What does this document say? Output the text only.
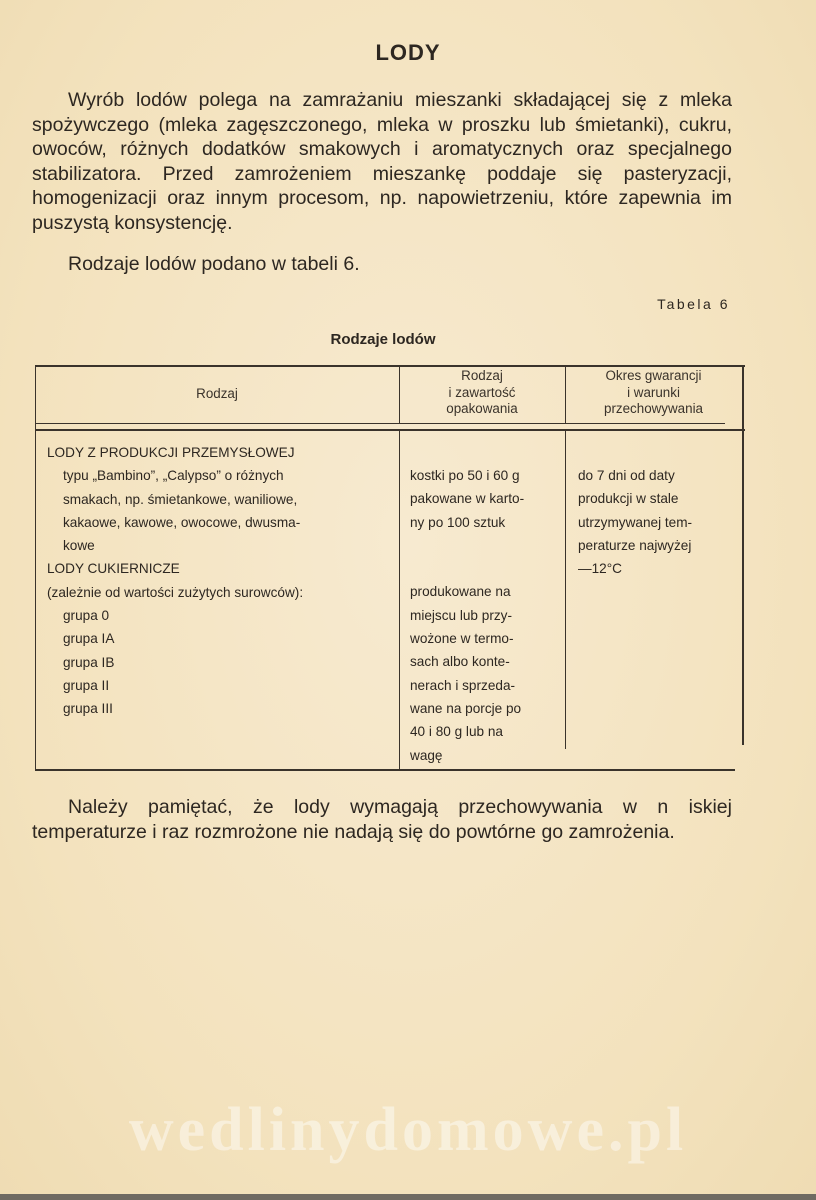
LODY

Wyrób lodów polega na zamrażaniu mieszanki składającej się z mleka spożywczego (mleka zagęszczonego, mleka w proszku lub śmietanki), cukru, owoców, różnych dodatków smakowych i aromatycznych oraz specjalnego stabilizatora. Przed zamrożeniem mieszankę poddaje się pasteryzacji, homogenizacji oraz innym procesom, np. napowietrzeniu, które zapewnia im puszystą konsystencję.

Rodzaje lodów podano w tabeli 6.

Tabela 6
Rodzaje lodów
Rodzaj
Rodzaj
i zawartość
opakowania
Okres gwarancji
i warunki
przechowywania
LODY Z PRODUKCJI PRZEMYSŁOWEJ
typu „Bambino”, „Calypso” o różnych
smakach, np. śmietankowe, waniliowe,
kakaowe, kawowe, owocowe, dwusma-
kowe
LODY CUKIERNICZE
(zależnie od wartości zużytych surowców):
grupa 0
grupa IA
grupa IB
grupa II
grupa III
kostki po 50 i 60 g
pakowane w karto-
ny po 100 sztuk
produkowane na
miejscu lub przy-
wożone w termo-
sach albo konte-
nerach i sprzeda-
wane na porcje po
40 i 80 g lub na
wagę
do 7 dni od daty
produkcji w stale
utrzymywanej tem-
peraturze najwyżej
—12°C

Należy pamiętać, że lody wymagają przechowywania w n iskiej temperaturze i raz rozmrożone nie nadają się do powtórne go zamrożenia.

wedlinydomowe.pl
